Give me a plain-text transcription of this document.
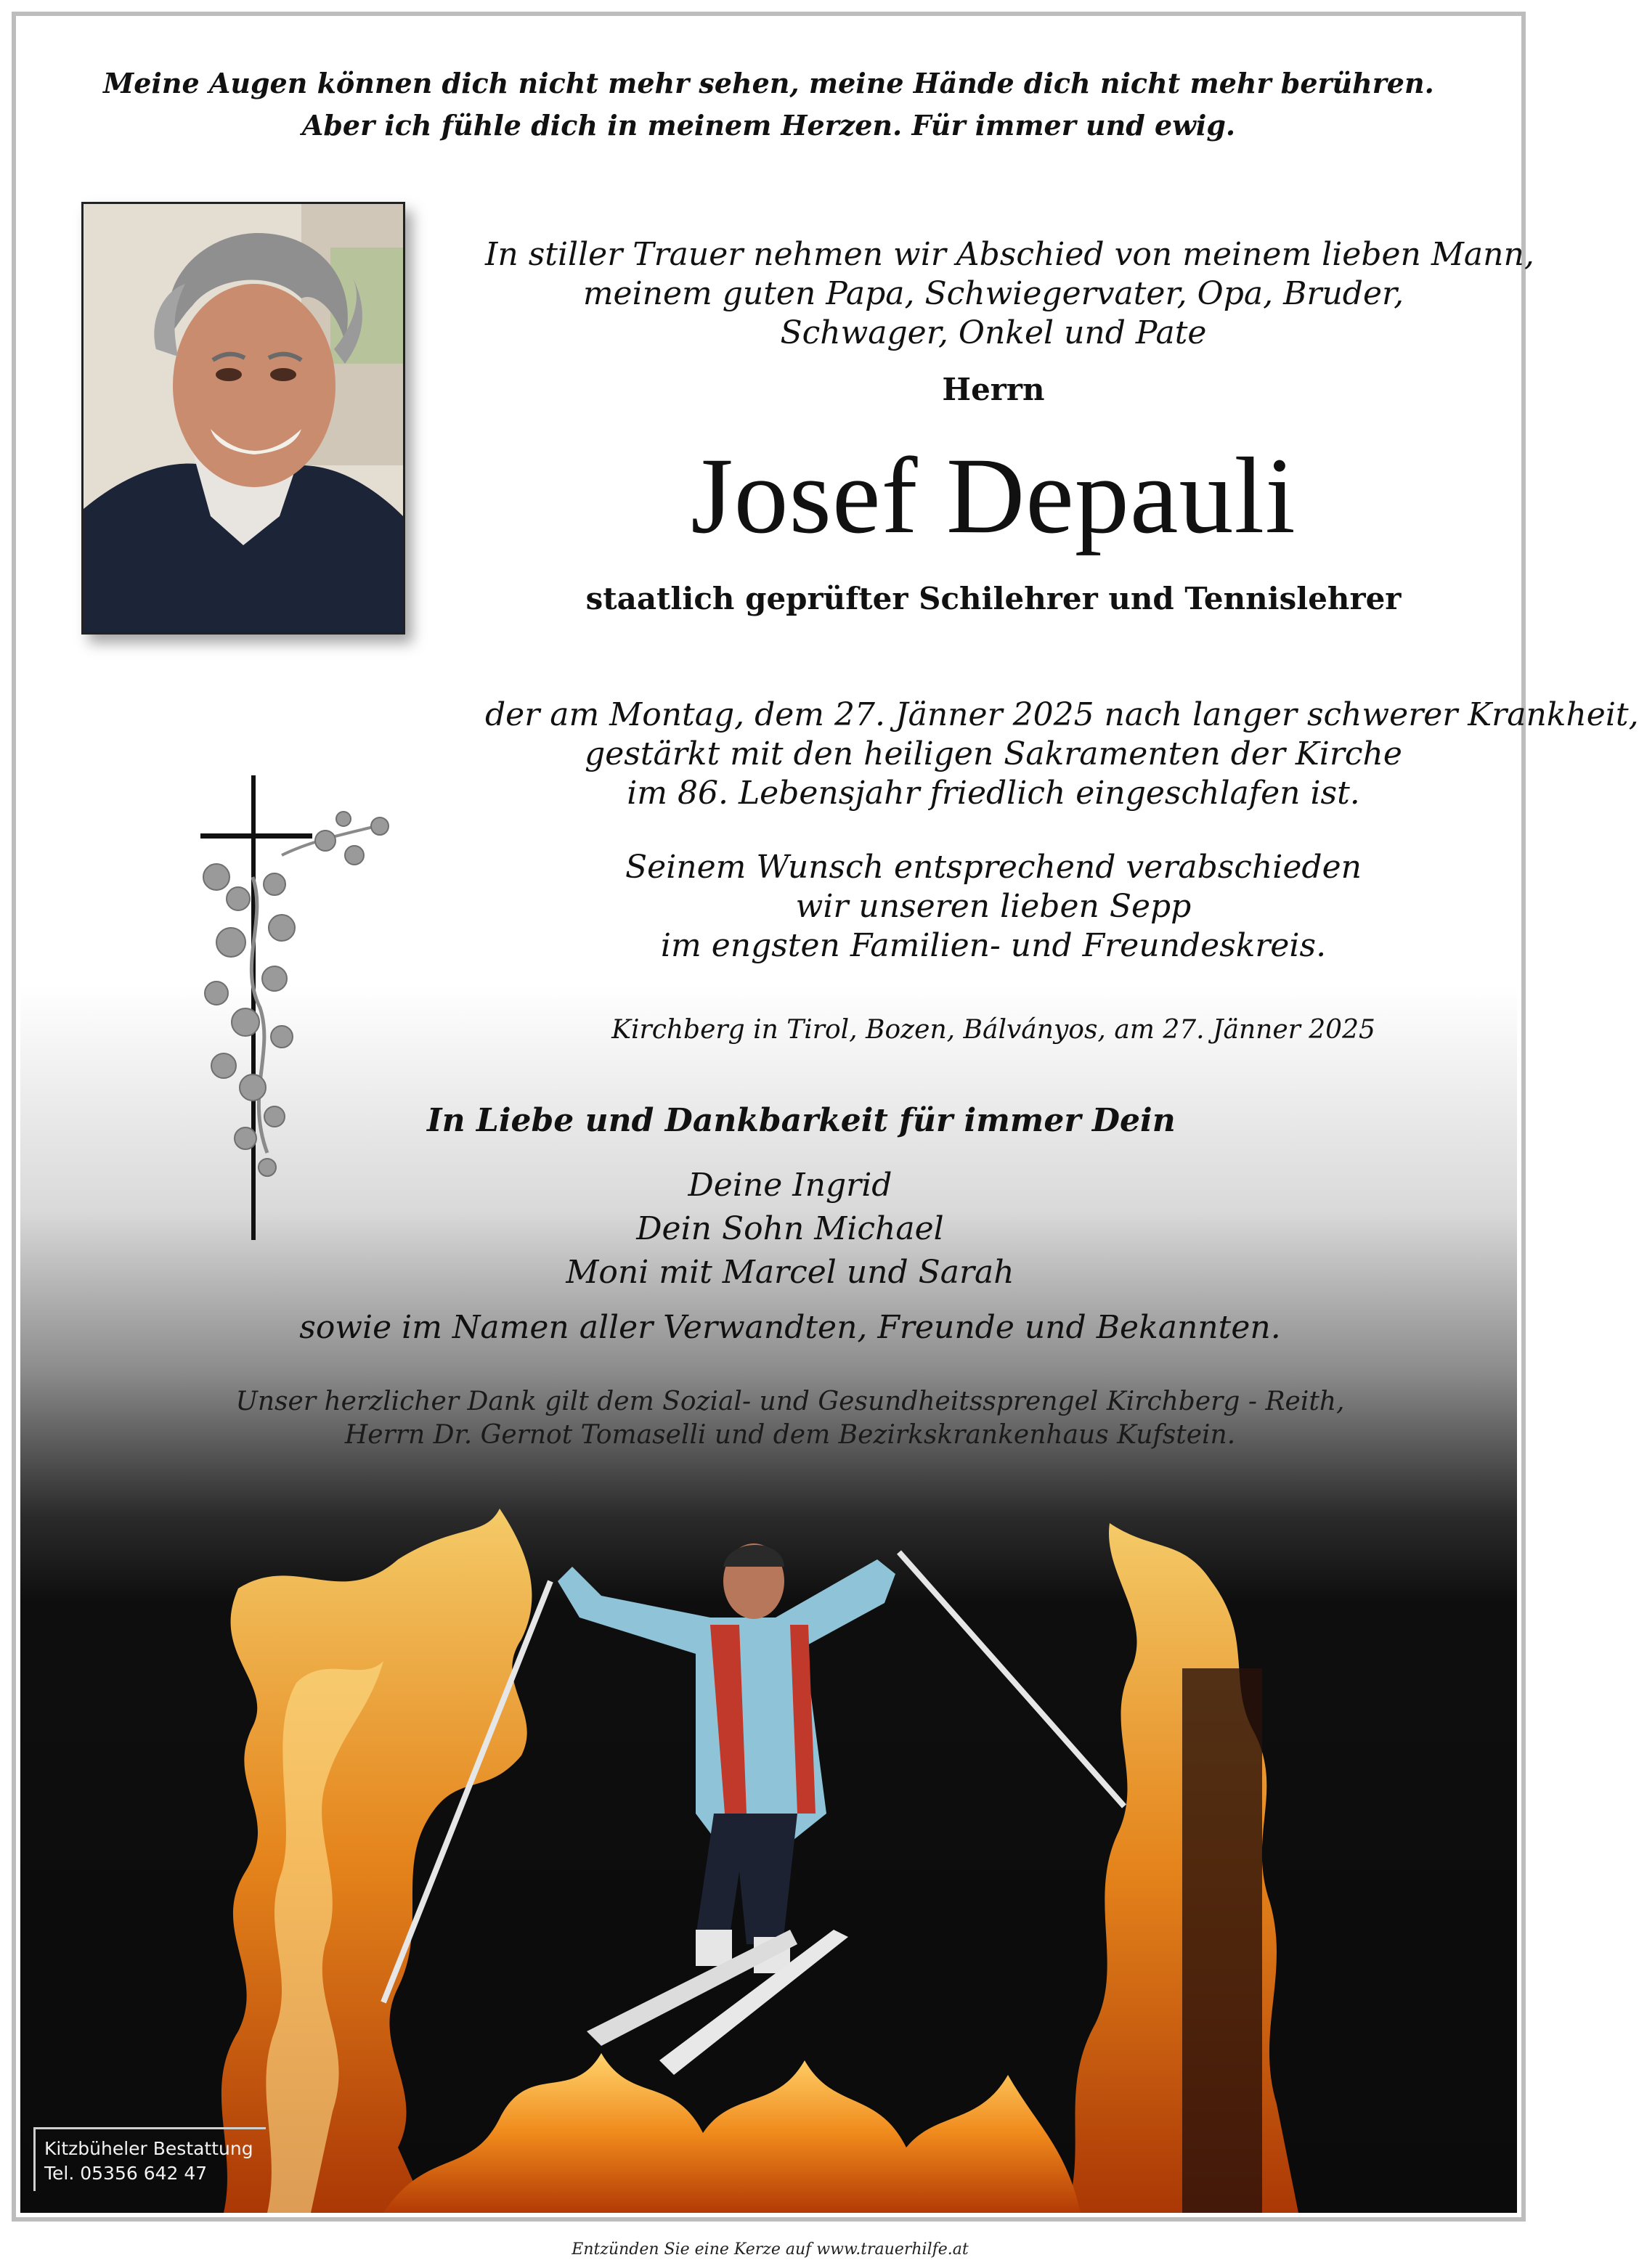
Meine Augen können dich nicht mehr sehen, meine Hände dich nicht mehr berühren.
Aber ich fühle dich in meinem Herzen. Für immer und ewig.
In stiller Trauer nehmen wir Abschied von meinem lieben Mann,
meinem guten Papa, Schwiegervater, Opa, Bruder,
Schwager, Onkel und Pate
Herrn
Josef Depauli
staatlich geprüfter Schilehrer und Tennislehrer
der am Montag, dem 27. Jänner 2025 nach langer schwerer Krankheit,
gestärkt mit den heiligen Sakramenten der Kirche
im 86. Lebensjahr friedlich eingeschlafen ist.
Seinem Wunsch entsprechend verabschieden
wir unseren lieben Sepp
im engsten Familien- und Freundeskreis.
Kirchberg in Tirol, Bozen, Bálványos, am 27. Jänner 2025
In Liebe und Dankbarkeit für immer Dein
Deine Ingrid
Dein Sohn Michael
Moni mit Marcel und Sarah
sowie im Namen aller Verwandten, Freunde und Bekannten.
Unser herzlicher Dank gilt dem Sozial- und Gesundheitssprengel Kirchberg - Reith,
Herrn Dr. Gernot Tomaselli und dem Bezirkskrankenhaus Kufstein.
Kitzbüheler Bestattung
Tel. 05356 642 47
Entzünden Sie eine Kerze auf www.trauerhilfe.at
